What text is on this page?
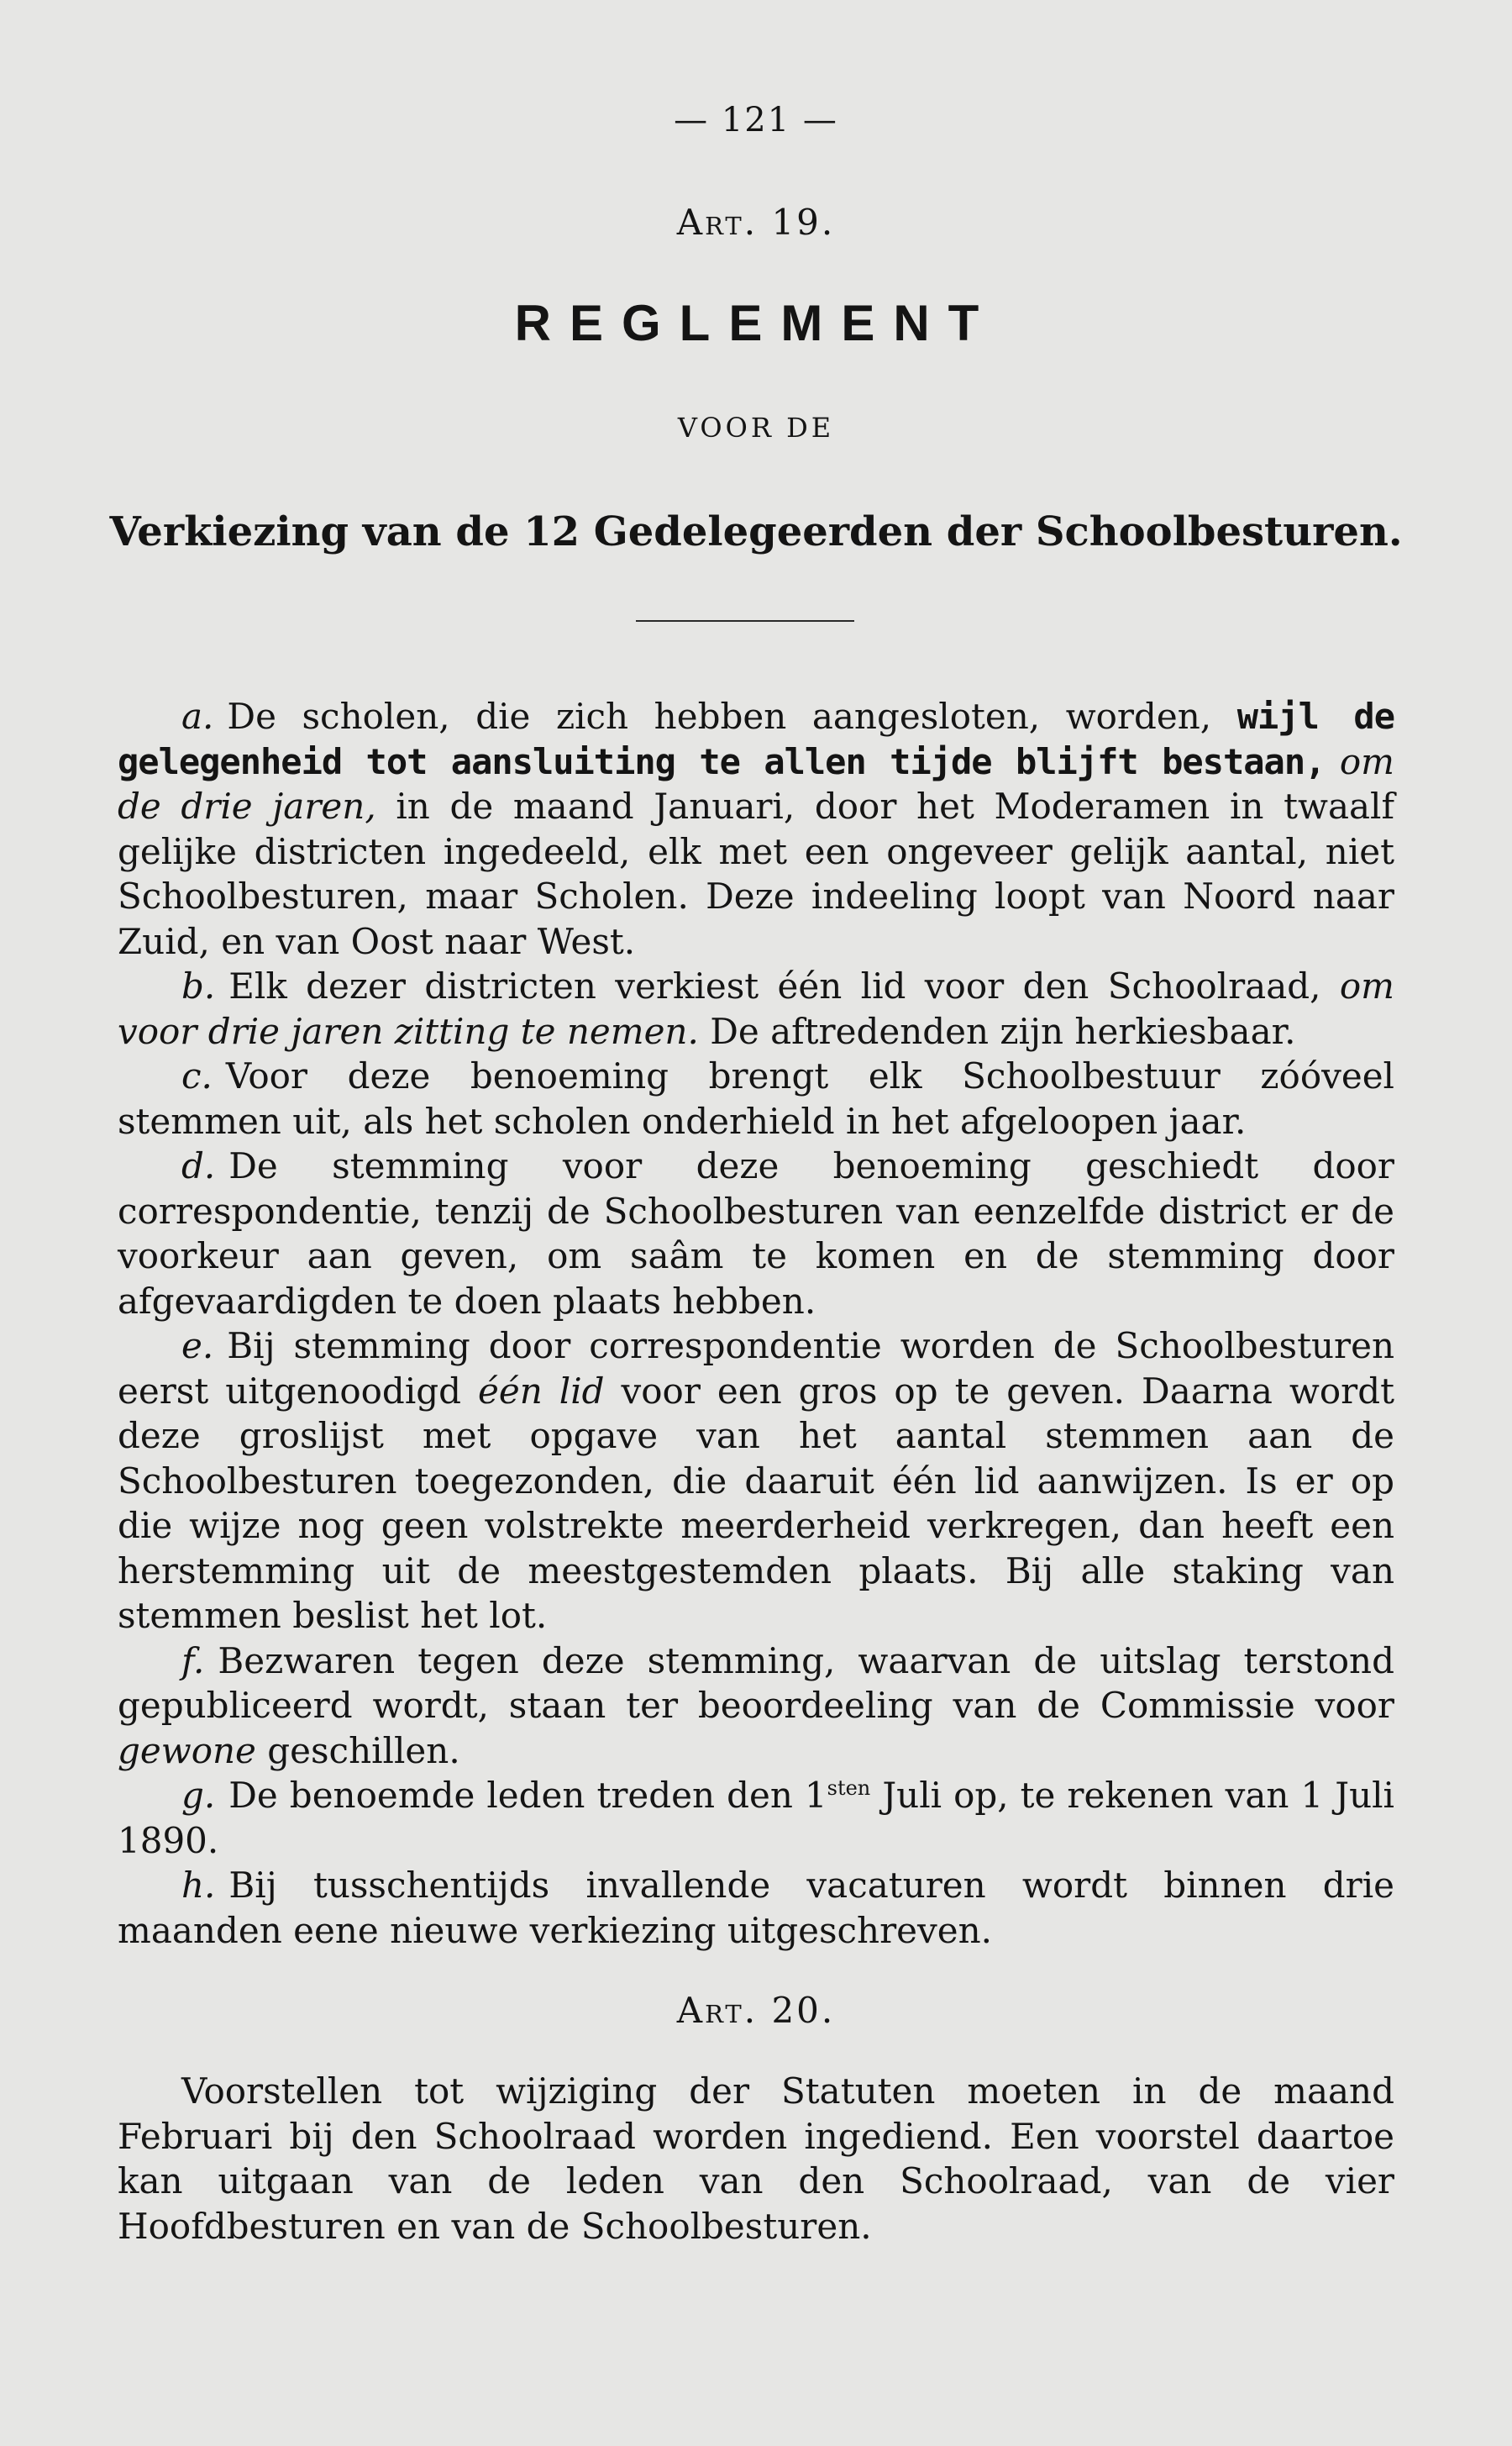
— 121 —
Art. 19.
REGLEMENT
VOOR DE
Verkiezing van de 12 Gedelegeerden der Schoolbesturen.

a. De scholen, die zich hebben aangesloten, worden, wijl de gelegenheid tot aansluiting te allen tijde blijft bestaan, om de drie jaren, in de maand Januari, door het Moderamen in twaalf gelijke districten ingedeeld, elk met een ongeveer gelijk aantal, niet Schoolbesturen, maar Scholen. Deze indeeling loopt van Noord naar Zuid, en van Oost naar West.

b. Elk dezer districten verkiest één lid voor den Schoolraad, om voor drie jaren zitting te nemen. De aftredenden zijn herkiesbaar.

c. Voor deze benoeming brengt elk Schoolbestuur zóóveel stemmen uit, als het scholen onderhield in het afgeloopen jaar.

d. De stemming voor deze benoeming geschiedt door correspondentie, tenzij de Schoolbesturen van eenzelfde district er de voorkeur aan geven, om saâm te komen en de stemming door afgevaardigden te doen plaats hebben.

e. Bij stemming door correspondentie worden de Schoolbesturen eerst uitgenoodigd één lid voor een gros op te geven. Daarna wordt deze groslijst met opgave van het aantal stemmen aan de Schoolbesturen toegezonden, die daaruit één lid aanwijzen. Is er op die wijze nog geen volstrekte meerderheid verkregen, dan heeft een herstemming uit de meestgestemden plaats. Bij alle staking van stemmen beslist het lot.

f. Bezwaren tegen deze stemming, waarvan de uitslag terstond gepubliceerd wordt, staan ter beoordeeling van de Commissie voor gewone geschillen.

g. De benoemde leden treden den $1^{sten}$ Juli op, te rekenen van 1 Juli 1890.

h. Bij tusschentijds invallende vacaturen wordt binnen drie maanden eene nieuwe verkiezing uitgeschreven.

Art. 20.

Voorstellen tot wijziging der Statuten moeten in de maand Februari bij den Schoolraad worden ingediend. Een voorstel daartoe kan uitgaan van de leden van den Schoolraad, van de vier Hoofdbesturen en van de Schoolbesturen.
